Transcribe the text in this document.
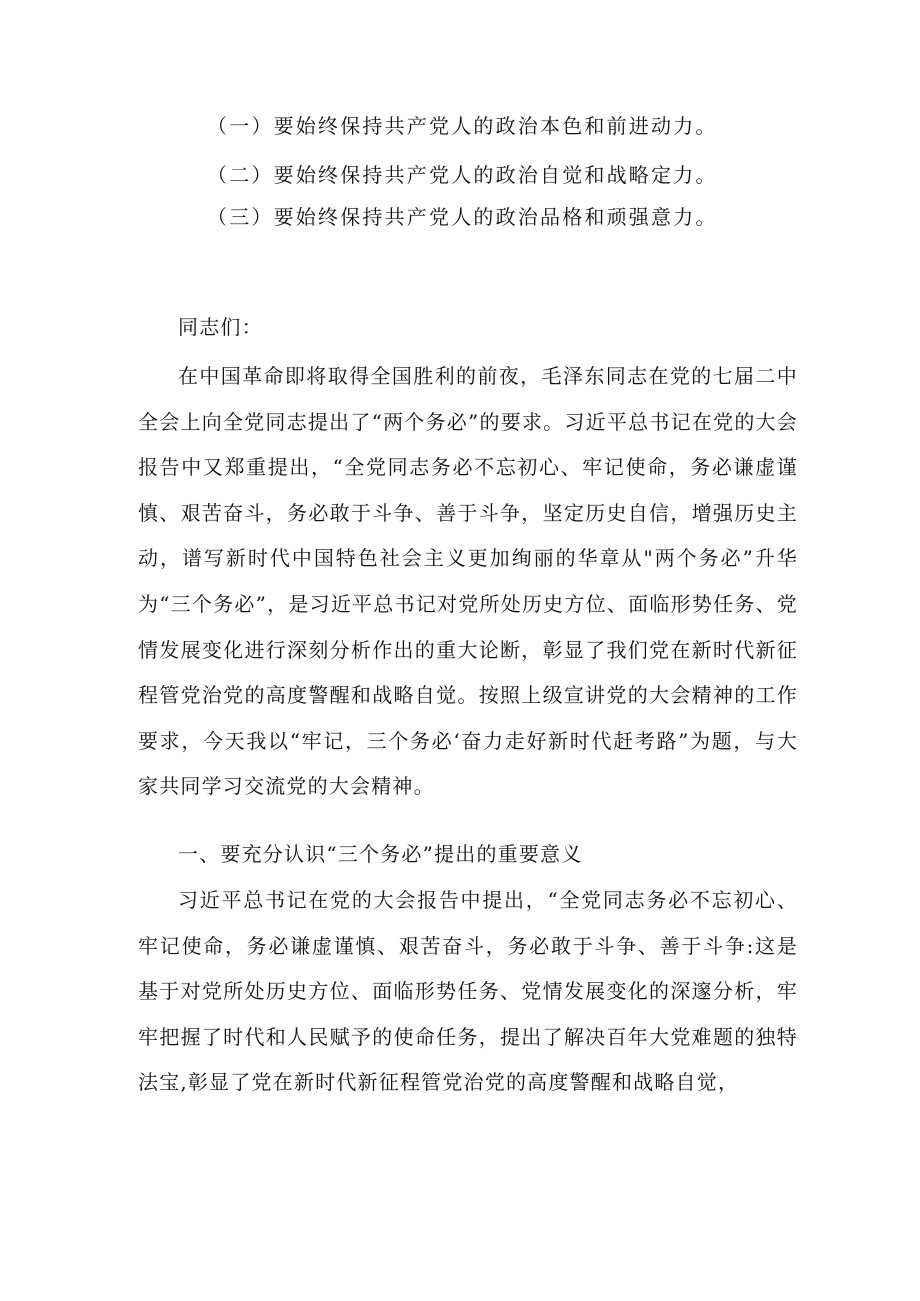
（一）要始终保持共产党人的政治本色和前进动力。
（二）要始终保持共产党人的政治自觉和战略定力。
（三）要始终保持共产党人的政治品格和顽强意力。
同志们：
在中国革命即将取得全国胜利的前夜，毛泽东同志在党的七届二中全会上向全党同志提出了“两个务必”的要求。习近平总书记在党的大会报告中又郑重提出，“全党同志务必不忘初心、牢记使命，务必谦虚谨慎、艰苦奋斗，务必敢于斗争、善于斗争，坚定历史自信，增强历史主动，谱写新时代中国特色社会主义更加绚丽的华章从"两个务必”升华为“三个务必”，是习近平总书记对党所处历史方位、面临形势任务、党情发展变化进行深刻分析作出的重大论断，彰显了我们党在新时代新征程管党治党的高度警醒和战略自觉。按照上级宣讲党的大会精神的工作要求，今天我以“牢记，三个务必‘奋力走好新时代赶考路”为题，与大家共同学习交流党的大会精神。
一、要充分认识“三个务必”提出的重要意义
习近平总书记在党的大会报告中提出，“全党同志务必不忘初心、牢记使命，务必谦虚谨慎、艰苦奋斗，务必敢于斗争、善于斗争:这是基于对党所处历史方位、面临形势任务、党情发展变化的深邃分析，牢牢把握了时代和人民赋予的使命任务，提出了解决百年大党难题的独特法宝,彰显了党在新时代新征程管党治党的高度警醒和战略自觉，
